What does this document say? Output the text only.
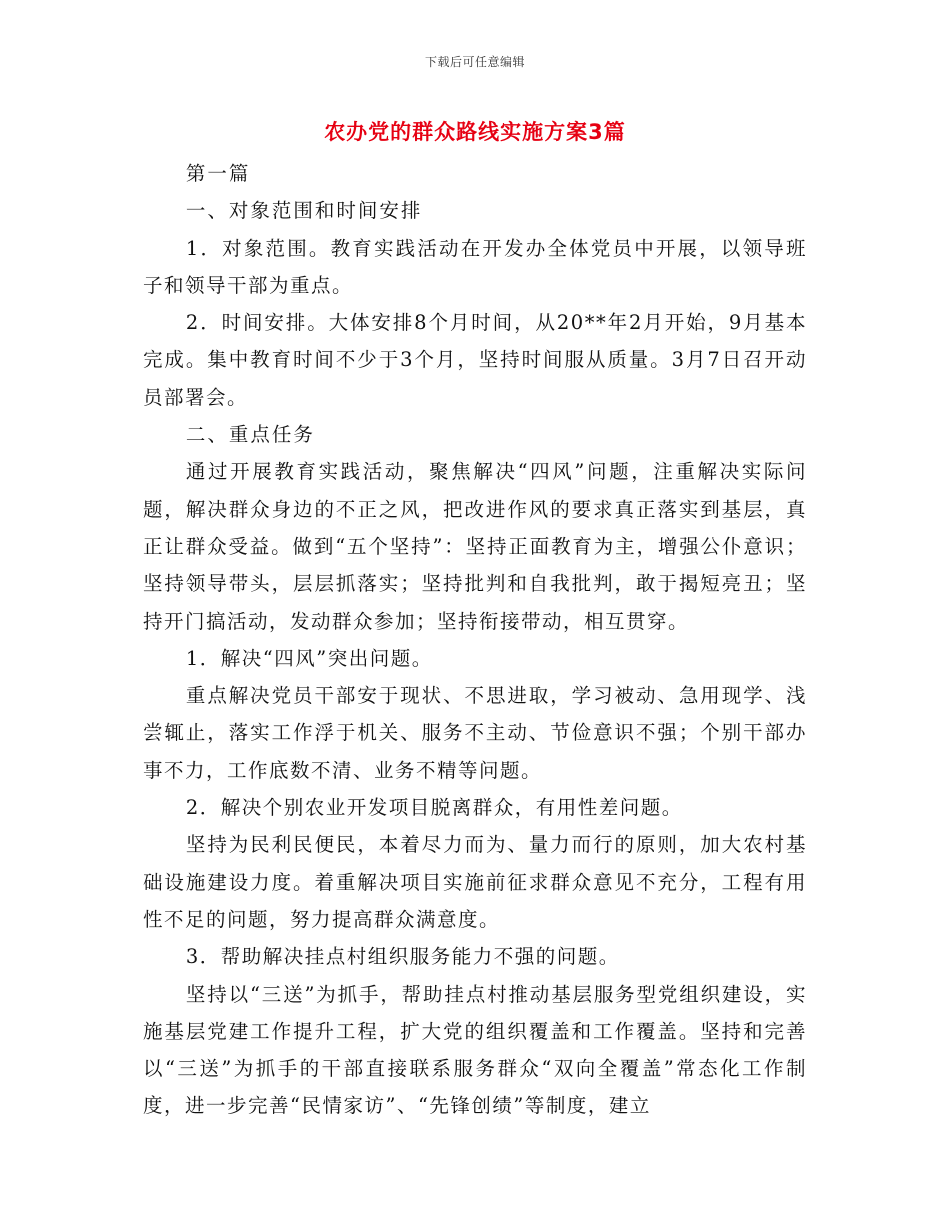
下载后可任意编辑
农办党的群众路线实施方案3篇

第一篇

一、对象范围和时间安排

1．对象范围。教育实践活动在开发办全体党员中开展，以领导班子和领导干部为重点。

2．时间安排。大体安排8个月时间，从20**年2月开始，9月基本完成。集中教育时间不少于3个月，坚持时间服从质量。3月7日召开动员部署会。

二、重点任务

通过开展教育实践活动，聚焦解决“四风”问题，注重解决实际问题，解决群众身边的不正之风，把改进作风的要求真正落实到基层，真正让群众受益。做到“五个坚持”：坚持正面教育为主，增强公仆意识；坚持领导带头，层层抓落实；坚持批判和自我批判，敢于揭短亮丑；坚持开门搞活动，发动群众参加；坚持衔接带动，相互贯穿。

1．解决“四风”突出问题。

重点解决党员干部安于现状、不思进取，学习被动、急用现学、浅尝辄止，落实工作浮于机关、服务不主动、节俭意识不强；个别干部办事不力，工作底数不清、业务不精等问题。

2．解决个别农业开发项目脱离群众，有用性差问题。

坚持为民利民便民，本着尽力而为、量力而行的原则，加大农村基础设施建设力度。着重解决项目实施前征求群众意见不充分，工程有用性不足的问题，努力提高群众满意度。

3．帮助解决挂点村组织服务能力不强的问题。

坚持以“三送”为抓手，帮助挂点村推动基层服务型党组织建设，实施基层党建工作提升工程，扩大党的组织覆盖和工作覆盖。坚持和完善以“三送”为抓手的干部直接联系服务群众“双向全覆盖”常态化工作制度，进一步完善“民情家访”、“先锋创绩”等制度，建立
